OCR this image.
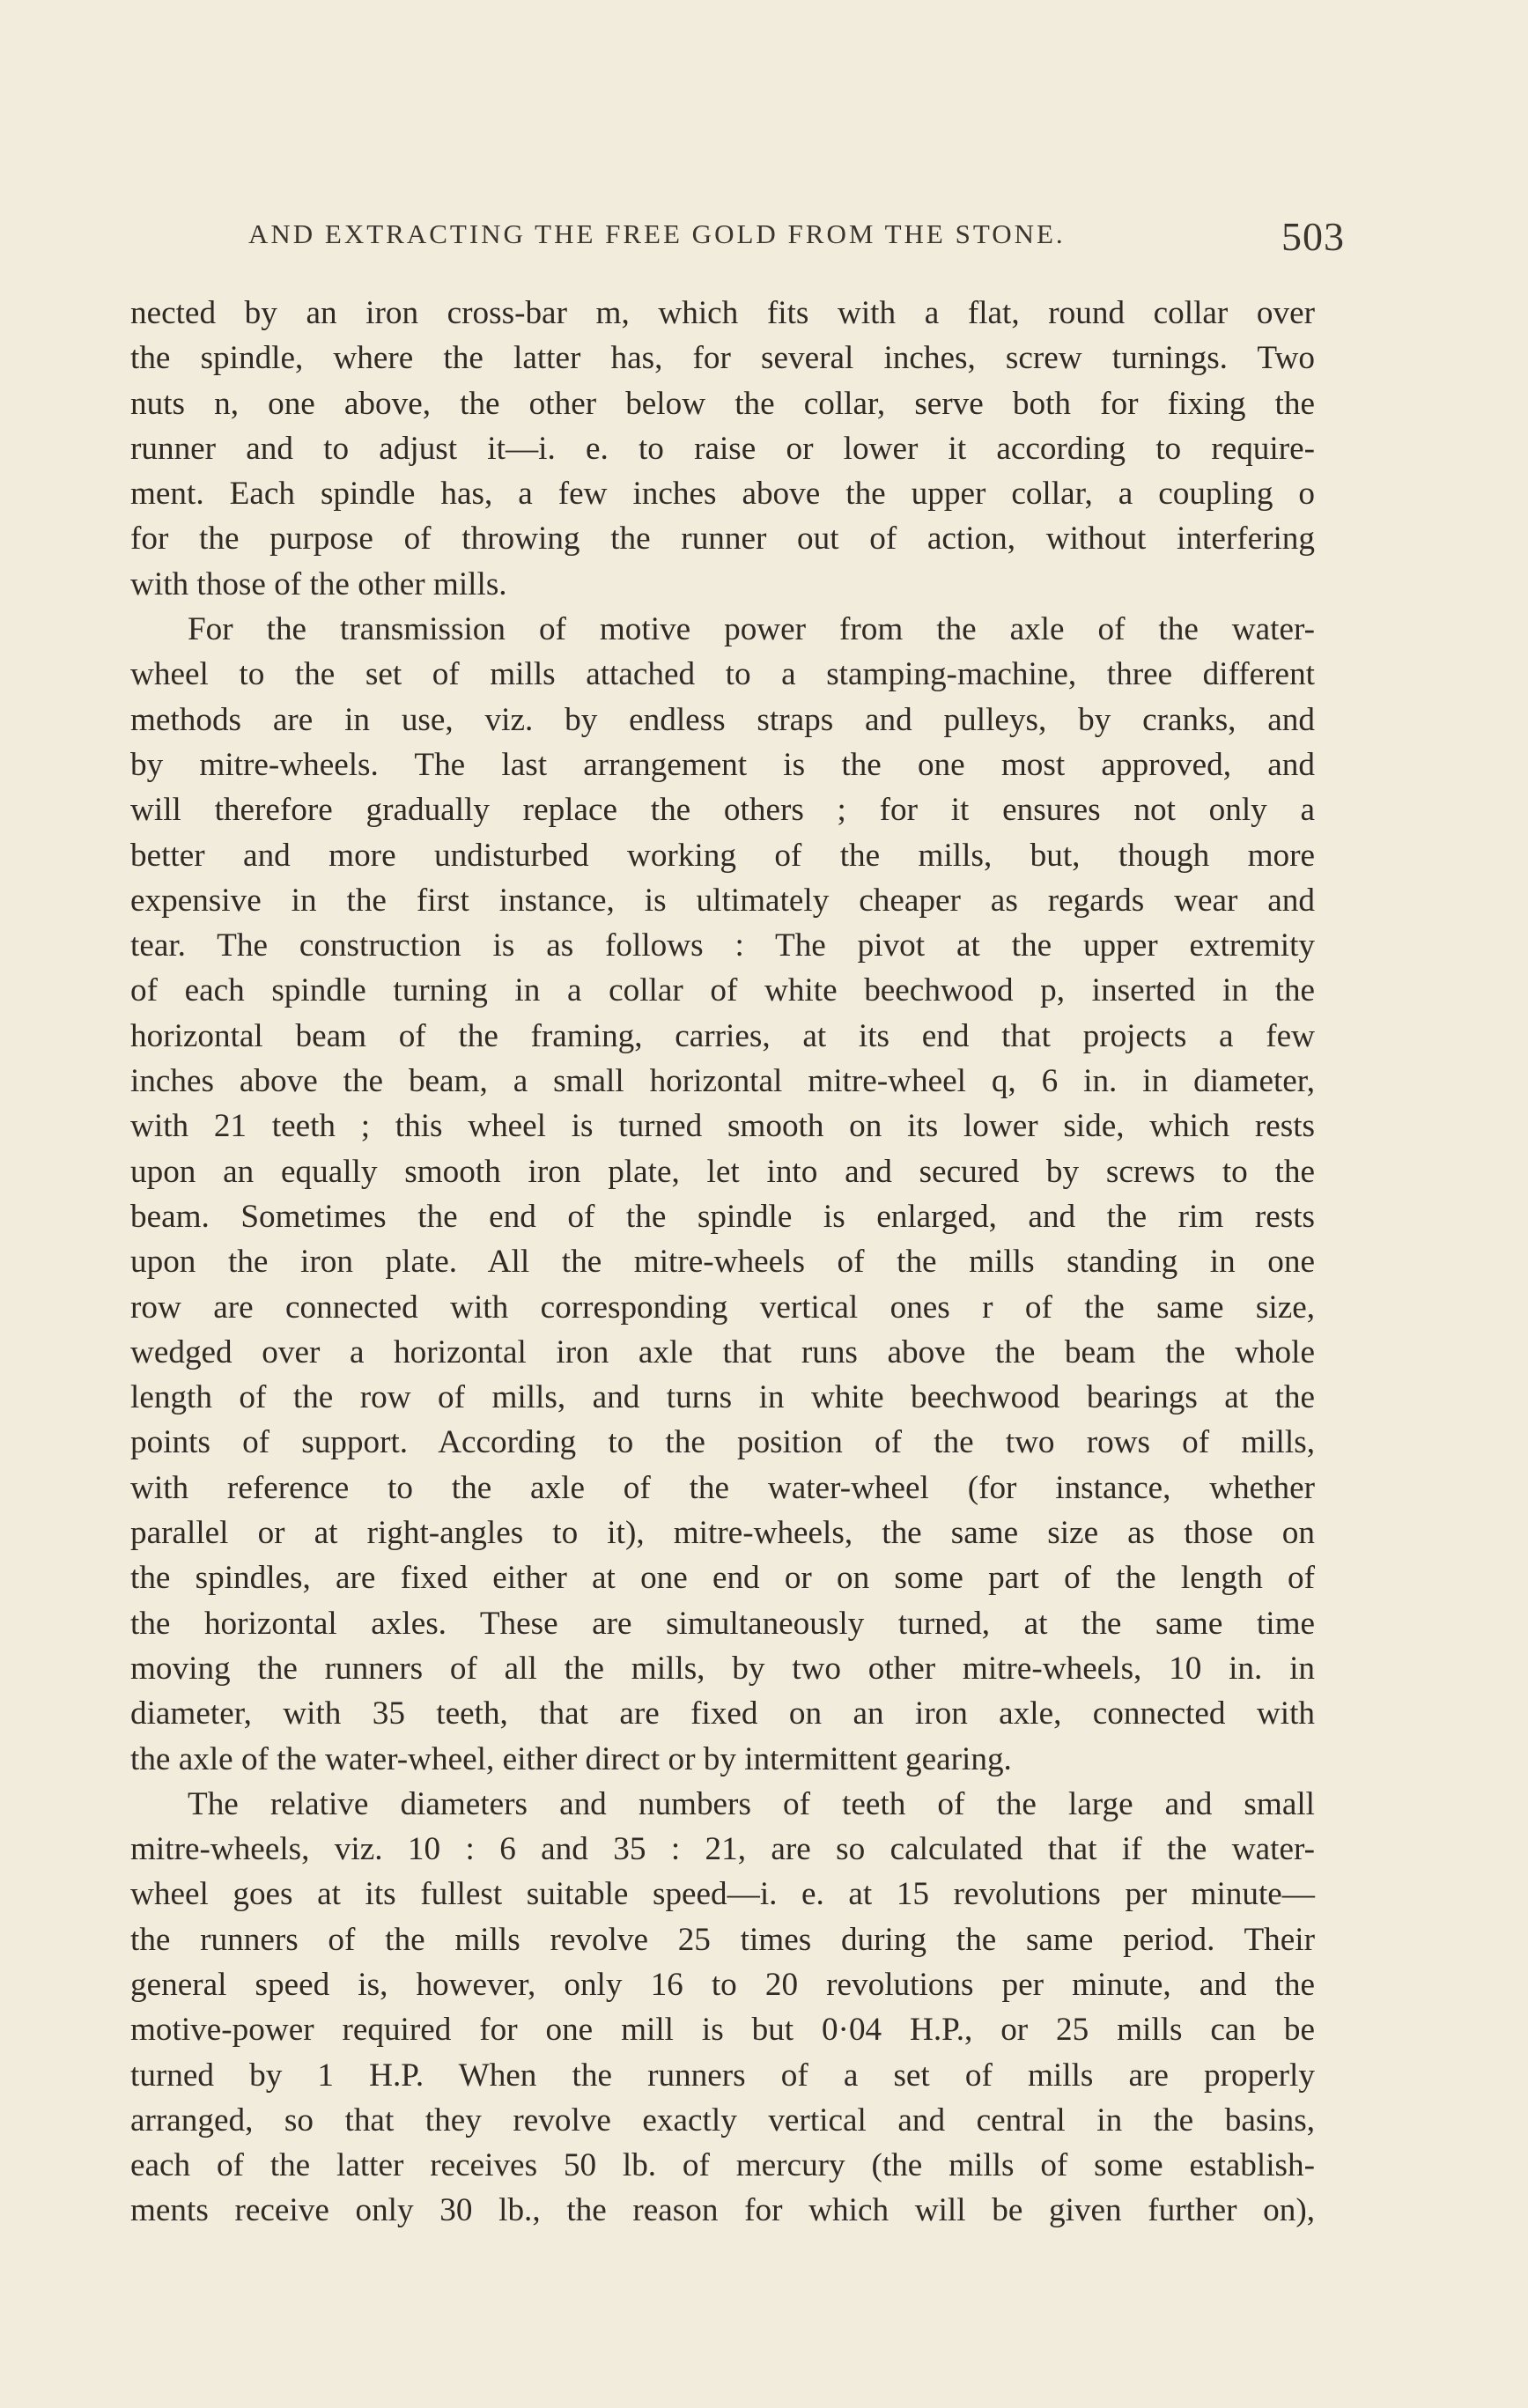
AND EXTRACTING THE FREE GOLD FROM THE STONE.	503

nected by an iron cross-bar m, which fits with a flat, round collar over
the spindle, where the latter has, for several inches, screw turnings. Two
nuts n, one above, the other below the collar, serve both for fixing the
runner and to adjust it—i. e. to raise or lower it according to require-
ment. Each spindle has, a few inches above the upper collar, a coupling o
for the purpose of throwing the runner out of action, without interfering
with those of the other mills.

For the transmission of motive power from the axle of the water-
wheel to the set of mills attached to a stamping-machine, three different
methods are in use, viz. by endless straps and pulleys, by cranks, and
by mitre-wheels. The last arrangement is the one most approved, and
will therefore gradually replace the others ; for it ensures not only a
better and more undisturbed working of the mills, but, though more
expensive in the first instance, is ultimately cheaper as regards wear and
tear. The construction is as follows : The pivot at the upper extremity
of each spindle turning in a collar of white beechwood p, inserted in the
horizontal beam of the framing, carries, at its end that projects a few
inches above the beam, a small horizontal mitre-wheel q, 6 in. in diameter,
with 21 teeth ; this wheel is turned smooth on its lower side, which rests
upon an equally smooth iron plate, let into and secured by screws to the
beam. Sometimes the end of the spindle is enlarged, and the rim rests
upon the iron plate. All the mitre-wheels of the mills standing in one
row are connected with corresponding vertical ones r of the same size,
wedged over a horizontal iron axle that runs above the beam the whole
length of the row of mills, and turns in white beechwood bearings at the
points of support. According to the position of the two rows of mills,
with reference to the axle of the water-wheel (for instance, whether
parallel or at right-angles to it), mitre-wheels, the same size as those on
the spindles, are fixed either at one end or on some part of the length of
the horizontal axles. These are simultaneously turned, at the same time
moving the runners of all the mills, by two other mitre-wheels, 10 in. in
diameter, with 35 teeth, that are fixed on an iron axle, connected with
the axle of the water-wheel, either direct or by intermittent gearing.

The relative diameters and numbers of teeth of the large and small
mitre-wheels, viz. 10 : 6 and 35 : 21, are so calculated that if the water-
wheel goes at its fullest suitable speed—i. e. at 15 revolutions per minute—
the runners of the mills revolve 25 times during the same period. Their
general speed is, however, only 16 to 20 revolutions per minute, and the
motive-power required for one mill is but 0·04 H.P., or 25 mills can be
turned by 1 H.P. When the runners of a set of mills are properly
arranged, so that they revolve exactly vertical and central in the basins,
each of the latter receives 50 lb. of mercury (the mills of some establish-
ments receive only 30 lb., the reason for which will be given further on),
